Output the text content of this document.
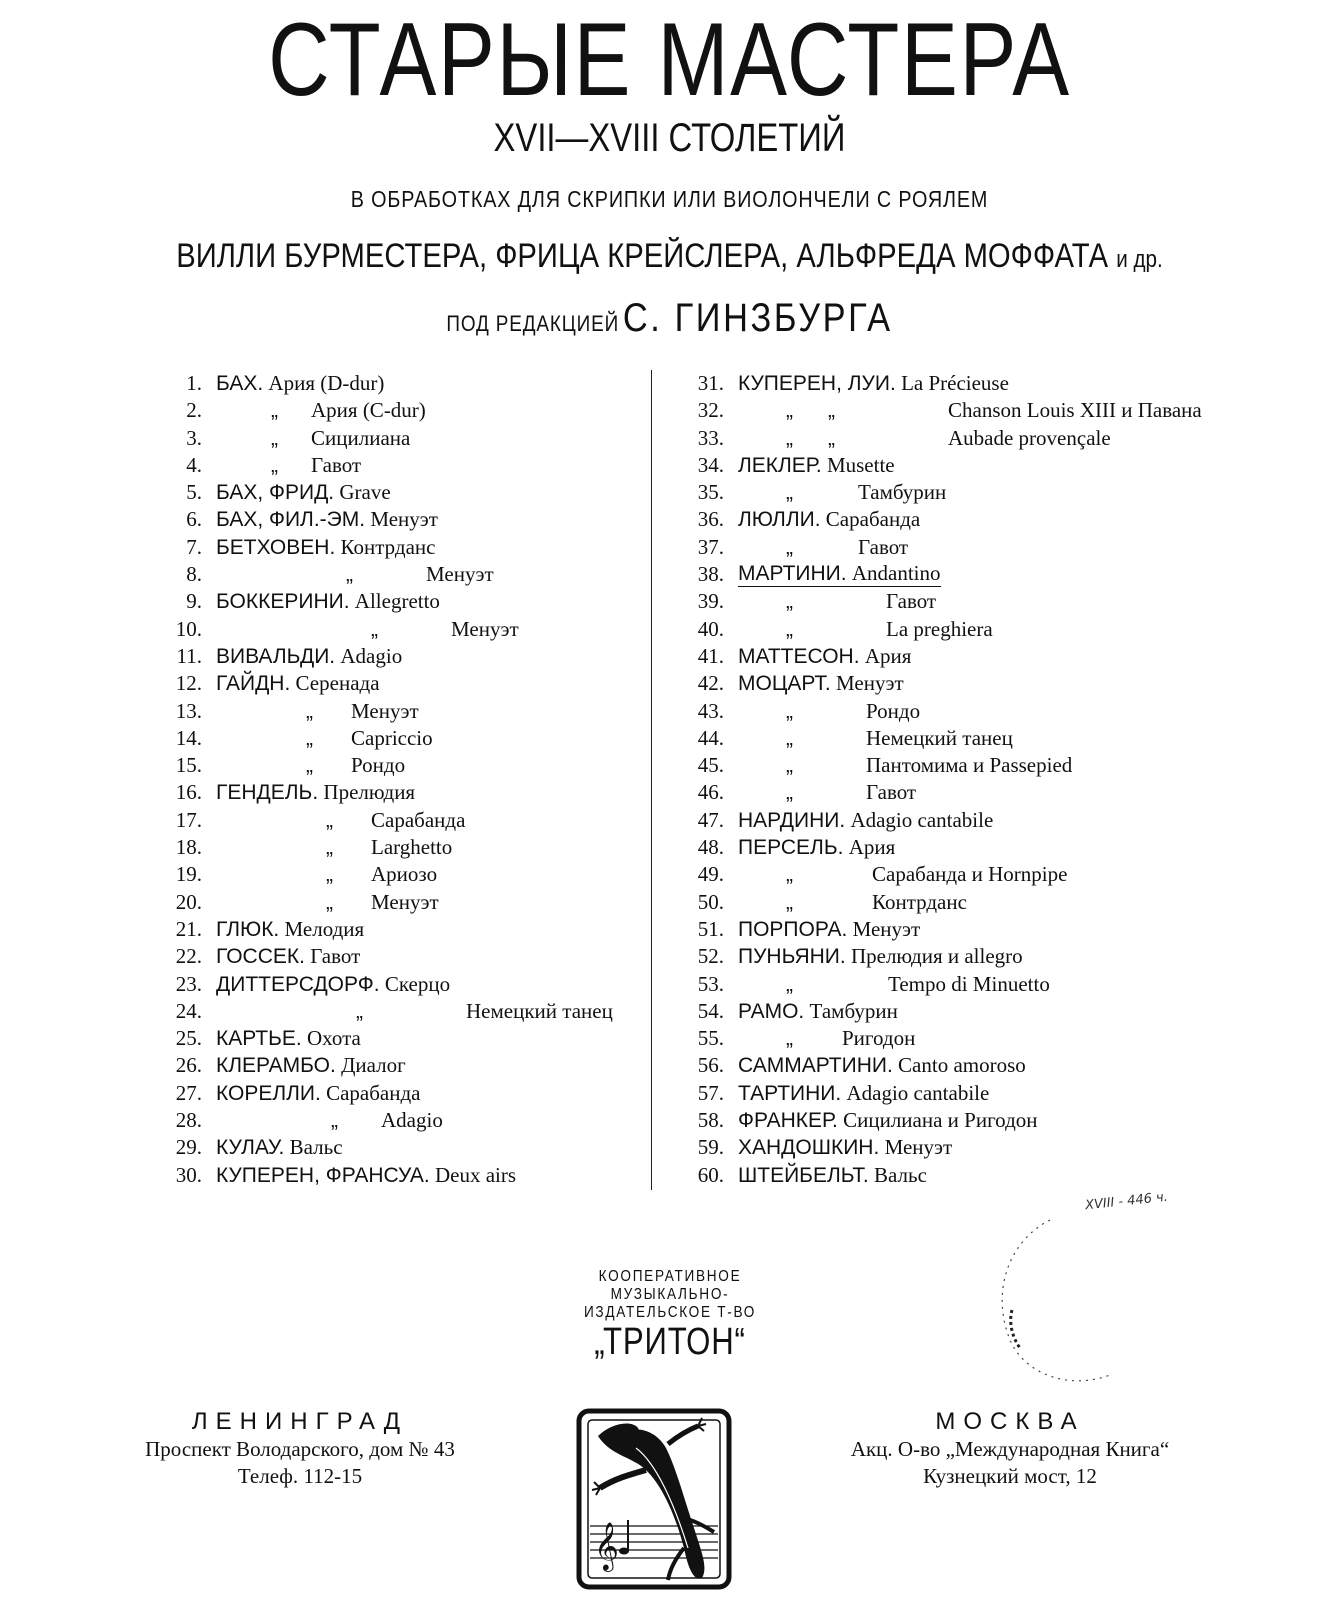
СТАРЫЕ МАСТЕРА
XVII—XVIII СТОЛЕТИЙ
В ОБРАБОТКАХ ДЛЯ СКРИПКИ ИЛИ ВИОЛОНЧЕЛИ С РОЯЛЕМ
ВИЛЛИ БУРМЕСТЕРА, ФРИЦА КРЕЙСЛЕРА, АЛЬФРЕДА МОФФАТА и др.
ПОД РЕДАКЦИЕЙ С. ГИНЗБУРГА
1. БАХ. Ария (D-dur)
2.	„ Ария (C-dur)
3.	„ Сицилиана
4.	„ Гавот
5. БАХ, ФРИД. Grave
6. БАХ, ФИЛ.-ЭМ. Менуэт
7. БЕТХОВЕН. Контрданс
8.	„	Менуэт
9. БОККЕРИНИ. Allegretto
10.	„	Менуэт
11. ВИВАЛЬДИ. Adagio
12. ГАЙДН. Серенада
13.	„ Менуэт
14.	„ Capriccio
15.	„ Рондо
16. ГЕНДЕЛЬ. Прелюдия
17.	„ Сарабанда
18.	„ Larghetto
19.	„ Ариозо
20.	„ Менуэт
21. ГЛЮК. Мелодия
22. ГОССЕК. Гавот
23. ДИТТЕРСДОРФ. Скерцо
24.	„	Немецкий танец
25. КАРТЬЕ. Охота
26. КЛЕРАМБО. Диалог
27. КОРЕЛЛИ. Сарабанда
28.	„ Adagio
29. КУЛАУ. Вальс
30. КУПЕРЕН, ФРАНСУА. Deux airs
31. КУПЕРЕН, ЛУИ. La Précieuse
32.	„      „	Chanson Louis XIII и Павана
33.	„      „	Aubade provençale
34. ЛЕКЛЕР. Musette
35.	„	Тамбурин
36. ЛЮЛЛИ. Сарабанда
37.	„	Гавот
38. МАРТИНИ. Andantino
39.	„	Гавот
40.	„	La preghiera
41. МАТТЕСОН. Ария
42. МОЦАРТ. Менуэт
43.	„	Рондо
44.	„	Немецкий танец
45.	„	Пантомима и Passepied
46.	„	Гавот
47. НАРДИНИ. Adagio cantabile
48. ПЕРСЕЛЬ. Ария
49.	„	Сарабанда и Hornpipe
50.	„	Контрданс
51. ПОРПОРА. Менуэт
52. ПУНЬЯНИ. Прелюдия и allegro
53.	„	Tempo di Minuetto
54. РАМО. Тамбурин
55.	„ Ригодон
56. САММАРТИНИ. Canto amoroso
57. ТАРТИНИ. Adagio cantabile
58. ФРАНКЕР. Сицилиана и Ригодон
59. ХАНДОШКИН. Менуэт
60. ШТЕЙБЕЛЬТ. Вальс
XVIII - 446 ч.
КООПЕРАТИВНОЕ
МУЗЫКАЛЬНО-
ИЗДАТЕЛЬСКОЕ Т-ВО
„ТРИТОН“
𝄞
ЛЕНИНГРАД
Проспект Володарского, дом № 43
Телеф. 112-15
МОСКВА
Акц. О-во „Международная Книга“
Кузнецкий мост, 12
